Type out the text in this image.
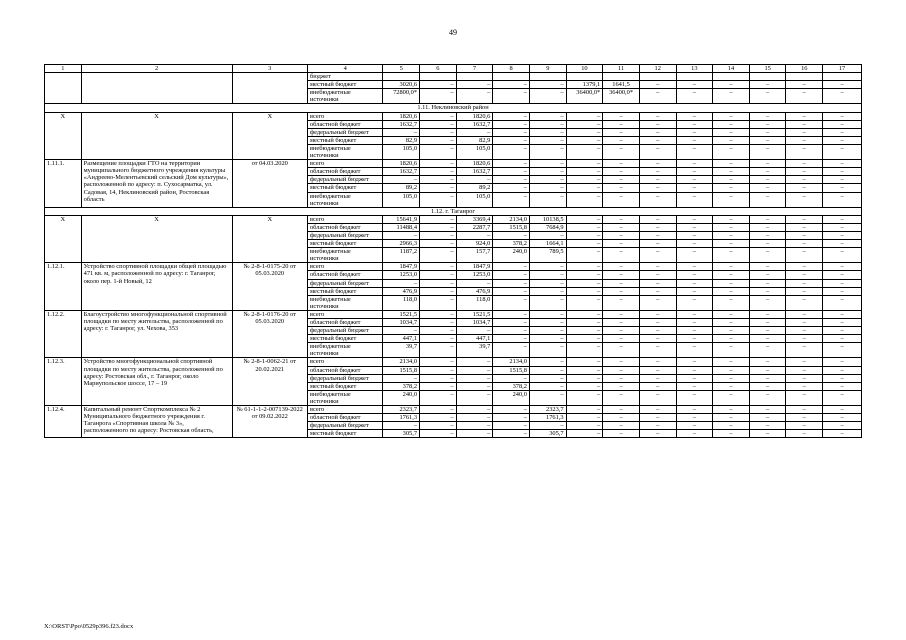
49
1	2	3	4	5	6	7	8	9	10	11	12	13	14	15	16	17
			бюджет													
			местный бюджет	3020,6	–	–	–	–	1379,1	1641,5	–	–	–	–	–	–
			внебюджетные источники	72800,0*	–	–	–	–	36400,0*	36400,0*	–	–	–	–	–	–
1.11. Неклиновский район																
X	X	X	всего	1820,6	–	1820,6	–	–	–	–	–	–	–	–	–	–
			областной бюджет	1632,7	–	1632,7	–	–	–	–	–	–	–	–	–	–
			федеральный бюджет	–	–	–	–	–	–	–	–	–	–	–	–	–
			местный бюджет	82,9	–	82,9	–	–	–	–	–	–	–	–	–	–
			внебюджетные источники	105,0	–	105,0	–	–	–	–	–	–	–	–	–	–
1.11.1.	Размещение площадки ГТО на территории муниципального бюджетного учреждения культуры «Андреево-Мелентьевский сельский Дом культуры», расположенной по адресу: п. Сухосарматка, ул. Садовая, 14, Неклиновский район, Ростовская область	от 04.03.2020	всего	1820,6	–	1820,6	–	–	–	–	–	–	–	–	–	–
			областной бюджет	1632,7	–	1632,7	–	–	–	–	–	–	–	–	–	–
			федеральный бюджет	–	–	–	–	–	–	–	–	–	–	–	–	–
			местный бюджет	89,2	–	89,2	–	–	–	–	–	–	–	–	–	–
			внебюджетные источники	105,0	–	105,0	–	–	–	–	–	–	–	–	–	–
1.12. г. Таганрог																
X	X	X	всего	15641,9	–	3369,4	2134,0	10138,5	–	–	–	–	–	–	–	–
			областной бюджет	11488,4	–	2287,7	1515,8	7684,9	–	–	–	–	–	–	–	–
			федеральный бюджет	–	–	–	–	–	–	–	–	–	–	–	–	–
			местный бюджет	2966,3	–	924,0	378,2	1664,1	–	–	–	–	–	–	–	–
			внебюджетные источники	1187,2	–	157,7	240,0	789,5	–	–	–	–	–	–	–	–
1.12.1.	Устройство спортивной площадки общей площадью 471 кв. м, расположенной по адресу: г. Таганрог, около пер. 1-й Новый, 12	№ 2-8-1-0175-20 от 05.03.2020	всего	1847,9	–	1847,9	–	–	–	–	–	–	–	–	–	–
			областной бюджет	1253,0	–	1253,0	–	–	–	–	–	–	–	–	–	–
			федеральный бюджет	–	–	–	–	–	–	–	–	–	–	–	–	–
			местный бюджет	476,9	–	476,9	–	–	–	–	–	–	–	–	–	–
			внебюджетные источники	118,0	–	118,0	–	–	–	–	–	–	–	–	–	–
1.12.2.	Благоустройство многофункциональной спортивной площадки по месту жительства, расположенной по адресу: г. Таганрог, ул. Чехова, 353	№ 2-8-1-0176-20 от 05.03.2020	всего	1521,5	–	1521,5	–	–	–	–	–	–	–	–	–	–
			областной бюджет	1034,7	–	1034,7	–	–	–	–	–	–	–	–	–	–
			федеральный бюджет	–	–	–	–	–	–	–	–	–	–	–	–	–
			местный бюджет	447,1	–	447,1	–	–	–	–	–	–	–	–	–	–
			внебюджетные источники	39,7	–	39,7	–	–	–	–	–	–	–	–	–	–
1.12.3.	Устройство многофункциональной спортивной площадки по месту жительства, расположенной по адресу: Ростовская обл., г. Таганрог, около Мариупольское шоссе, 17 – 19	№ 2-8-1-0062-21 от 20.02.2021	всего	2134,0	–	–	2134,0	–	–	–	–	–	–	–	–	–
			областной бюджет	1515,8	–	–	1515,8	–	–	–	–	–	–	–	–	–
			федеральный бюджет	–	–	–	–	–	–	–	–	–	–	–	–	–
			местный бюджет	378,2	–	–	378,2	–	–	–	–	–	–	–	–	–
			внебюджетные источники	240,0	–	–	240,0	–	–	–	–	–	–	–	–	–
1.12.4.	Капитальный ремонт Спорткомплекса № 2 Муниципального бюджетного учреждения г. Таганрога «Спортивная школа № 3», расположенного по адресу: Ростовская область,	№ 61-1-1-2-007139-2022 от 09.02.2022	всего	2323,7	–	–	–	2323,7	–	–	–	–	–	–	–	–
			областной бюджет	1761,3	–	–	–	1761,3	–	–	–	–	–	–	–	–
			федеральный бюджет	–	–	–	–	–	–	–	–	–	–	–	–	–
			местный бюджет	305,7	–	–	–	305,7	–	–	–	–	–	–	–	–
X:\ORST\Ppo\0529p396.f23.docx
